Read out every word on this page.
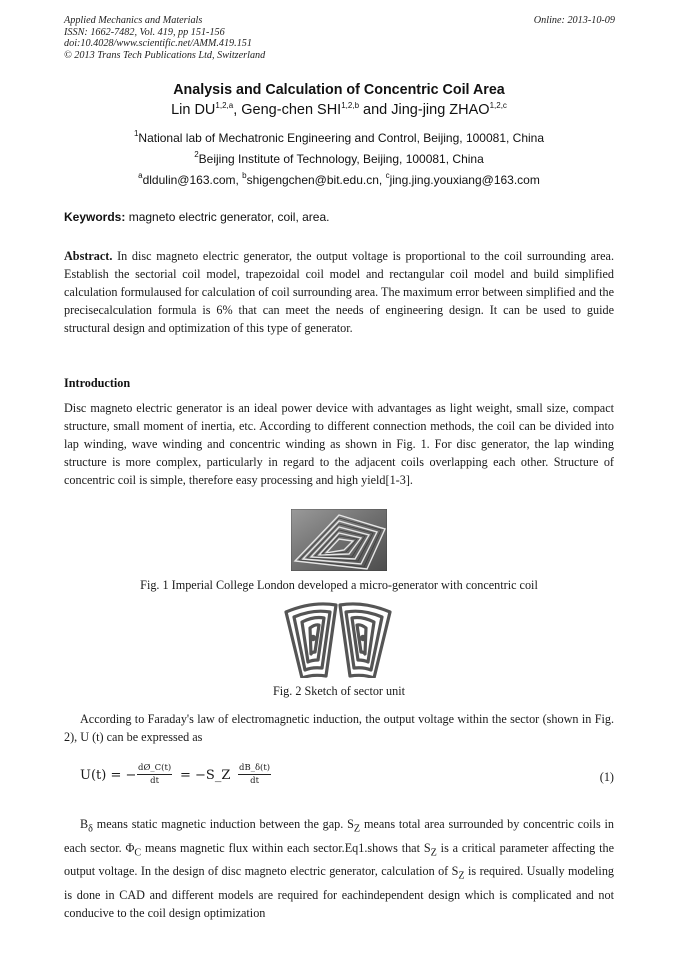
Applied Mechanics and Materials
ISSN: 1662-7482, Vol. 419, pp 151-156
doi:10.4028/www.scientific.net/AMM.419.151
© 2013 Trans Tech Publications Ltd, Switzerland
Online: 2013-10-09
Analysis and Calculation of Concentric Coil Area
Lin DU$^{1,2,a}$, Geng-chen SHI$^{1,2,b}$ and Jing-jing ZHAO$^{1,2,c}$
$^1$National lab of Mechatronic Engineering and Control, Beijing, 100081, China
$^2$Beijing Institute of Technology, Beijing, 100081, China
$^a$dldulin@163.com, $^b$shigengchen@bit.edu.cn, $^c$jing.jing.youxiang@163.com
Keywords: magneto electric generator, coil, area.
Abstract. In disc magneto electric generator, the output voltage is proportional to the coil surrounding area. Establish the sectorial coil model, trapezoidal coil model and rectangular coil model and build simplified calculation formulaused for calculation of coil surrounding area. The maximum error between simplified and the precisecalculation formula is 6% that can meet the needs of engineering design. It can be used to guide structural design and optimization of this type of generator.
Introduction
Disc magneto electric generator is an ideal power device with advantages as light weight, small size, compact structure, small moment of inertia, etc. According to different connection methods, the coil can be divided into lap winding, wave winding and concentric winding as shown in Fig. 1. For disc generator, the lap winding structure is more complex, particularly in regard to the adjacent coils overlapping each other. Structure of concentric coil is simple, therefore easy processing and high yield[1-3].
Fig. 1 Imperial College London developed a micro-generator with concentric coil
Fig. 2 Sketch of sector unit
According to Faraday's law of electromagnetic induction, the output voltage within the sector (shown in Fig. 2), U (t) can be expressed as
U(t) = − $\frac{dØ\_C(t)}{dt}$ = −S_Z $\frac{dB\_\delta(t)}{dt}$	(1)
$B_\delta$ means static magnetic induction between the gap. $S_Z$ means total area surrounded by concentric coils in each sector. $\Phi_C$ means magnetic flux within each sector.Eq1.shows that $S_Z$ is a critical parameter affecting the output voltage. In the design of disc magneto electric generator, calculation of $S_Z$ is required. Usually modeling is done in CAD and different models are required for eachindependent design which is complicated and not conducive to the coil design optimization
